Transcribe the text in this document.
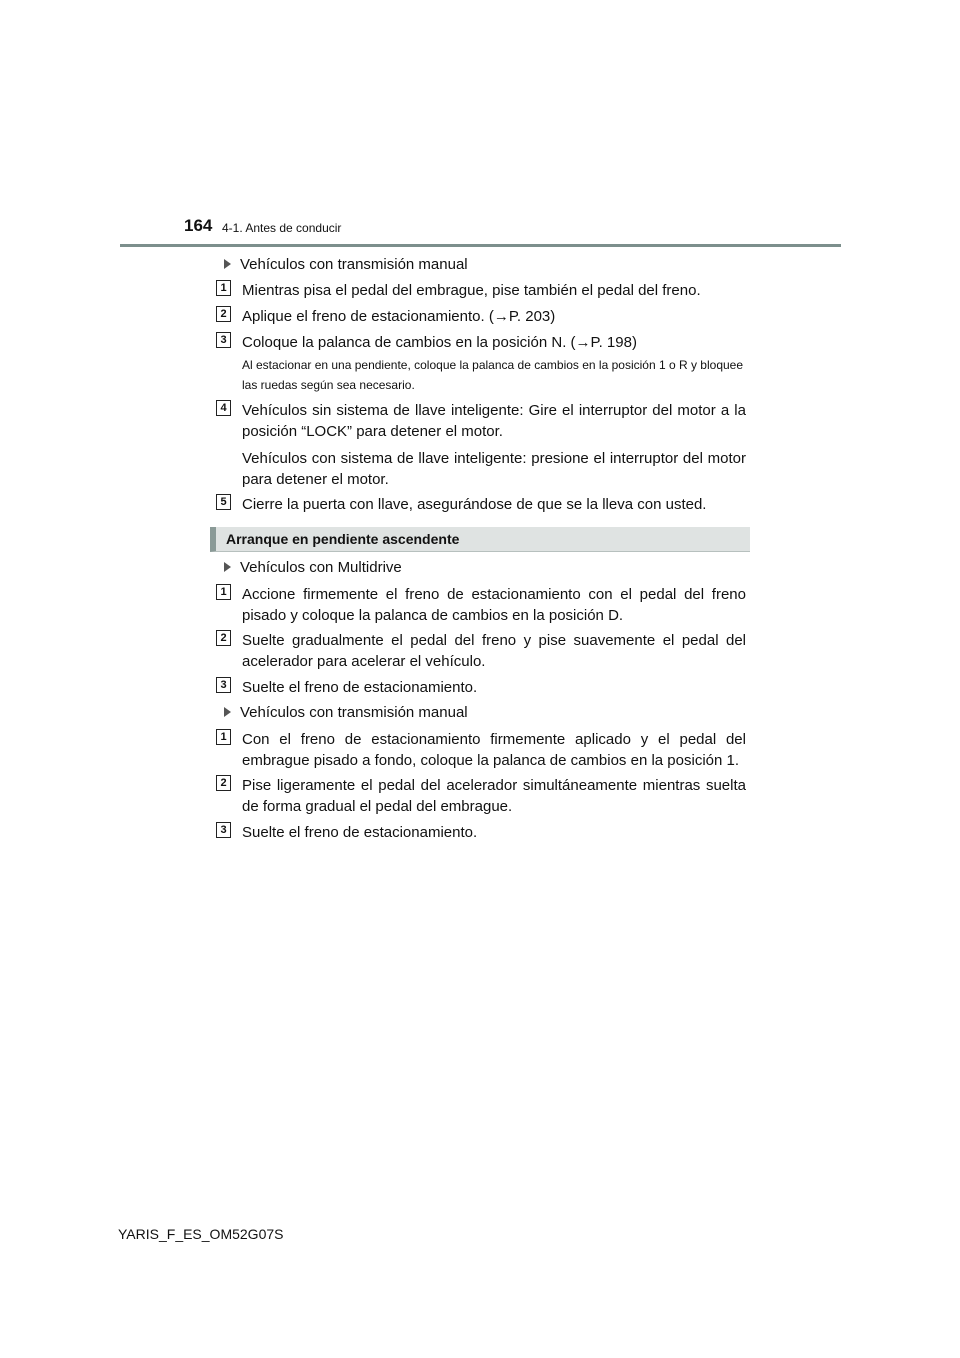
164 4-1. Antes de conducir
Vehículos con transmisión manual
1 Mientras pisa el pedal del embrague, pise también el pedal del freno.
2 Aplique el freno de estacionamiento. (→P. 203)
3 Coloque la palanca de cambios en la posición N. (→P. 198)
Al estacionar en una pendiente, coloque la palanca de cambios en la posición 1 o R y bloquee las ruedas según sea necesario.
4 Vehículos sin sistema de llave inteligente: Gire el interruptor del motor a la posición “LOCK” para detener el motor.
Vehículos con sistema de llave inteligente: presione el interruptor del motor para detener el motor.
5 Cierre la puerta con llave, asegurándose de que se la lleva con usted.
Arranque en pendiente ascendente
Vehículos con Multidrive
1 Accione firmemente el freno de estacionamiento con el pedal del freno pisado y coloque la palanca de cambios en la posición D.
2 Suelte gradualmente el pedal del freno y pise suavemente el pedal del acelerador para acelerar el vehículo.
3 Suelte el freno de estacionamiento.
Vehículos con transmisión manual
1 Con el freno de estacionamiento firmemente aplicado y el pedal del embrague pisado a fondo, coloque la palanca de cambios en la posición 1.
2 Pise ligeramente el pedal del acelerador simultáneamente mientras suelta de forma gradual el pedal del embrague.
3 Suelte el freno de estacionamiento.
YARIS_F_ES_OM52G07S
